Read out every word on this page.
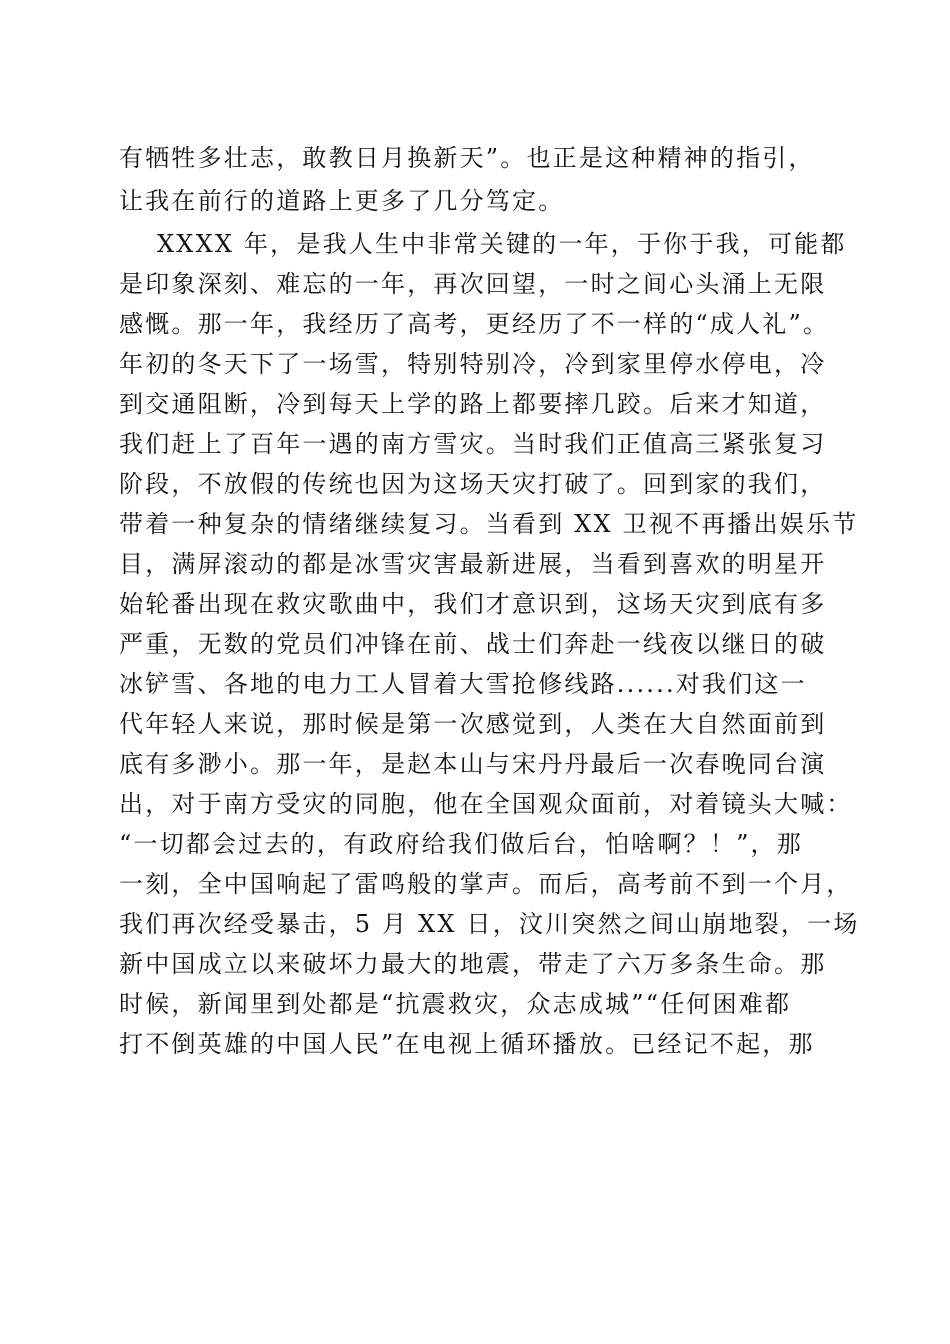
有牺牲多壮志，敢教日月换新天”。也正是这种精神的指引，
让我在前行的道路上更多了几分笃定。
XXXX 年，是我人生中非常关键的一年，于你于我，可能都
是印象深刻、难忘的一年，再次回望，一时之间心头涌上无限
感慨。那一年，我经历了高考，更经历了不一样的“成人礼”。
年初的冬天下了一场雪，特别特别冷，冷到家里停水停电，冷
到交通阻断，冷到每天上学的路上都要摔几跤。后来才知道，
我们赶上了百年一遇的南方雪灾。当时我们正值高三紧张复习
阶段，不放假的传统也因为这场天灾打破了。回到家的我们，
带着一种复杂的情绪继续复习。当看到 XX 卫视不再播出娱乐节
目，满屏滚动的都是冰雪灾害最新进展，当看到喜欢的明星开
始轮番出现在救灾歌曲中，我们才意识到，这场天灾到底有多
严重，无数的党员们冲锋在前、战士们奔赴一线夜以继日的破
冰铲雪、各地的电力工人冒着大雪抢修线路......对我们这一
代年轻人来说，那时候是第一次感觉到，人类在大自然面前到
底有多渺小。那一年，是赵本山与宋丹丹最后一次春晚同台演
出，对于南方受灾的同胞，他在全国观众面前，对着镜头大喊：
“一切都会过去的，有政府给我们做后台，怕啥啊？！”，那
一刻，全中国响起了雷鸣般的掌声。而后，高考前不到一个月，
我们再次经受暴击，5 月 XX 日，汶川突然之间山崩地裂，一场
新中国成立以来破坏力最大的地震，带走了六万多条生命。那
时候，新闻里到处都是“抗震救灾，众志成城”“任何困难都
打不倒英雄的中国人民”在电视上循环播放。已经记不起，那
